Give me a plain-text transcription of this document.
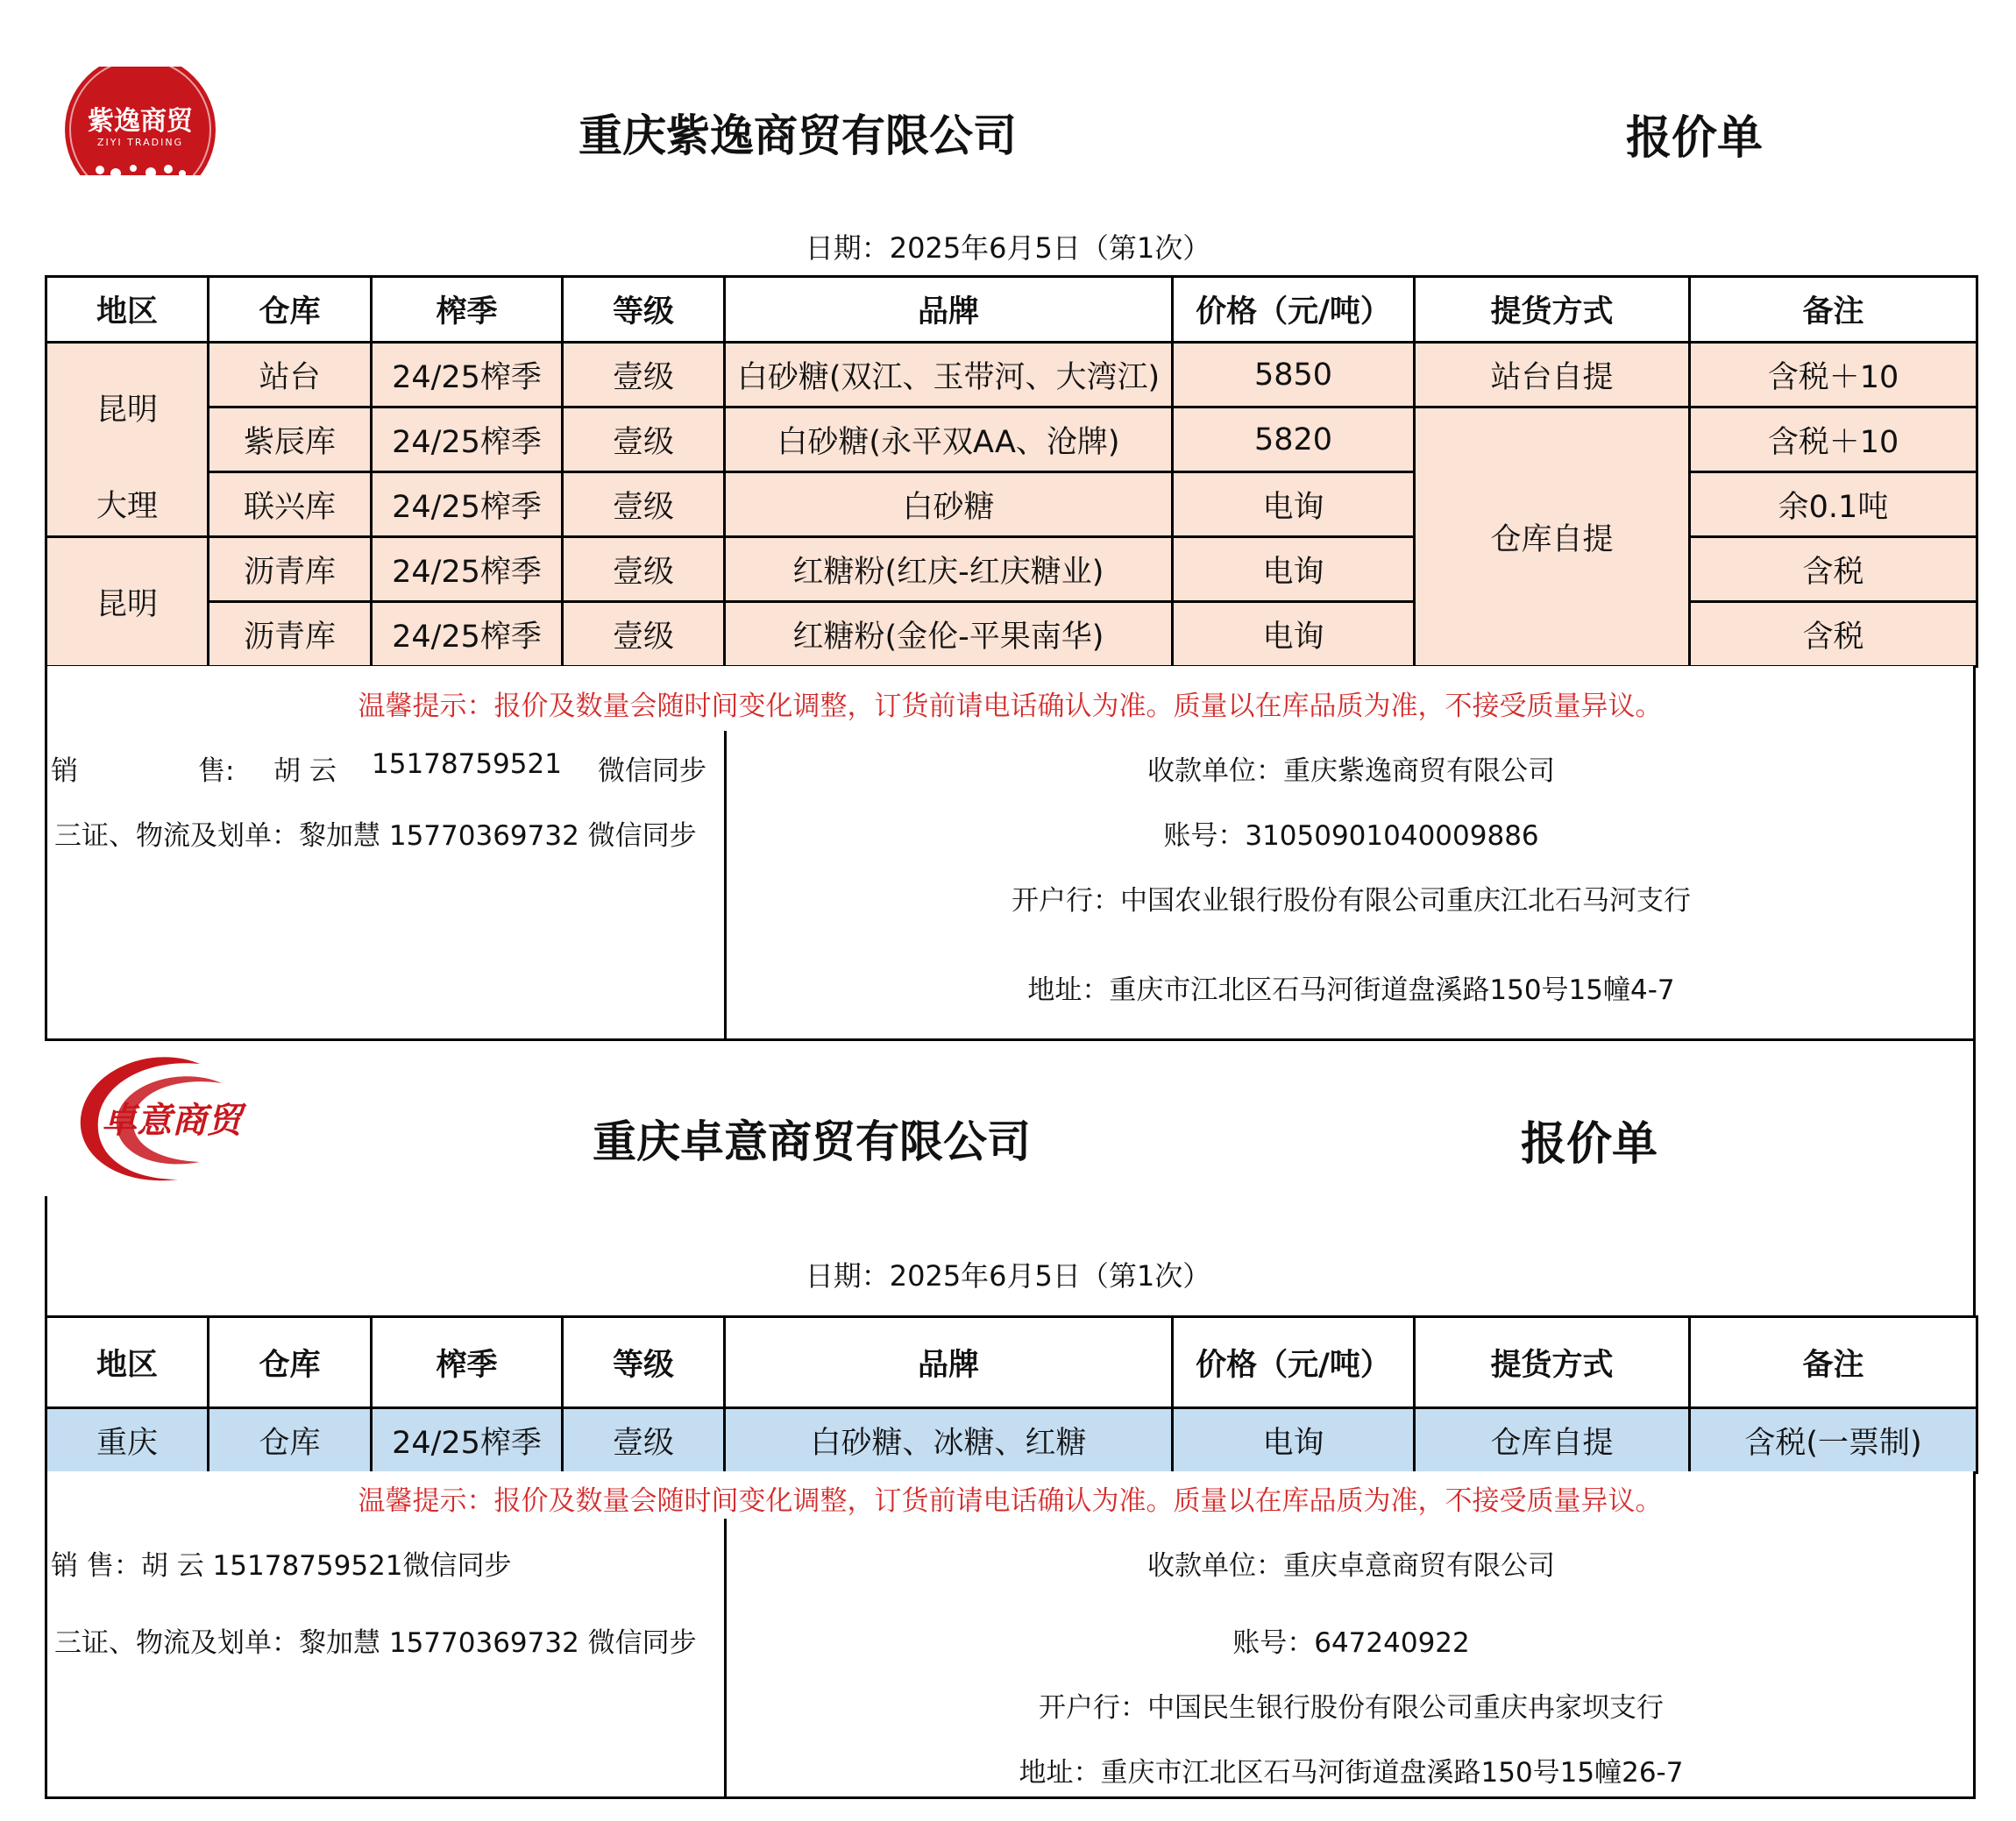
紫逸商贸
ZIYI TRADING	重庆紫逸商贸有限公司	报价单
日期：2025年6月5日（第1次）
地区	仓库	榨季	等级	品牌	价格（元/吨）	提货方式	备注
昆明	站台	24/25榨季	壹级	白砂糖(双江、玉带河、大湾江)	5850	站台自提	含税＋10
	紫辰库	24/25榨季	壹级	白砂糖(永平双AA、沧牌)	5820	仓库自提	含税＋10
大理	联兴库	24/25榨季	壹级	白砂糖	电询		余0.1吨
昆明	沥青库	24/25榨季	壹级	红糖粉(红庆-红庆糖业)	电询		含税
	沥青库	24/25榨季	壹级	红糖粉(金伦-平果南华)	电询		含税
温馨提示：报价及数量会随时间变化调整，订货前请电话确认为准。质量以在库品质为准，不接受质量异议。
销	售: 胡 云 15178759521 微信同步
三证、物流及划单：黎加慧 15770369732 微信同步
收款单位：重庆紫逸商贸有限公司
账号：31050901040009886
开户行：中国农业银行股份有限公司重庆江北石马河支行
地址：重庆市江北区石马河街道盘溪路150号15幢4-7
卓意商贸	重庆卓意商贸有限公司	报价单
日期：2025年6月5日（第1次）
地区	仓库	榨季	等级	品牌	价格（元/吨）	提货方式	备注
重庆	仓库	24/25榨季	壹级	白砂糖、冰糖、红糖	电询	仓库自提	含税(一票制)
温馨提示：报价及数量会随时间变化调整，订货前请电话确认为准。质量以在库品质为准，不接受质量异议。
销 售：胡 云 15178759521微信同步
三证、物流及划单：黎加慧 15770369732 微信同步
收款单位：重庆卓意商贸有限公司
账号：647240922
开户行：中国民生银行股份有限公司重庆冉家坝支行
地址：重庆市江北区石马河街道盘溪路150号15幢26-7
